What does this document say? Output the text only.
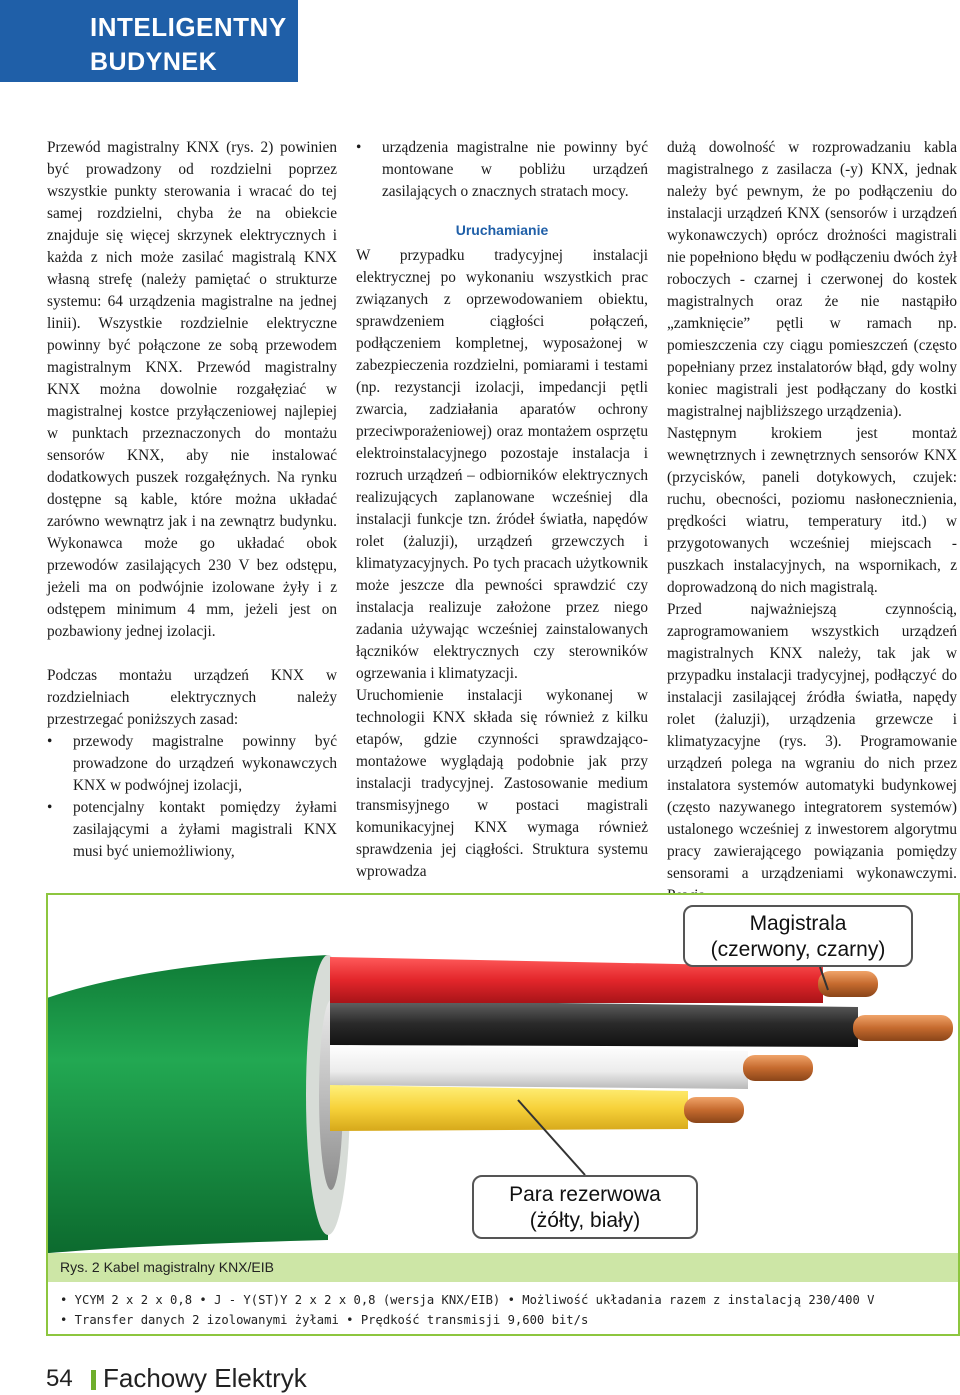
INTELIGENTNY
BUDYNEK

Przewód magistralny KNX (rys. 2) powinien być prowadzony od rozdzielni poprzez wszystkie punkty sterowania i wracać do tej samej rozdzielni, chyba że na obiekcie znajduje się więcej skrzynek elektrycznych i każda z nich może zasilać magistralą KNX własną strefę (należy pamiętać o strukturze systemu: 64 urządzenia magistralne na jednej linii). Wszystkie rozdzielnie elektryczne powinny być połączone ze sobą przewodem magistralnym KNX. Przewód magistralny KNX można dowolnie rozgałęziać w magistralnej kostce przyłączeniowej najlepiej w punktach przeznaczonych do montażu sensorów KNX, aby nie instalować dodatkowych puszek rozgałęźnych. Na rynku dostępne są kable, które można układać zarówno wewnątrz jak i na zewnątrz budynku. Wykonawca może go układać obok przewodów zasilających 230 V bez odstępu, jeżeli ma on podwójnie izolowane żyły i z odstępem minimum 4 mm, jeżeli jest on pozbawiony jednej izolacji.

Podczas montażu urządzeń KNX w rozdzielniach elektrycznych należy przestrzegać poniższych zasad:

• przewody magistralne powinny być prowadzone do urządzeń wykonawczych KNX w podwójnej izolacji,
• potencjalny kontakt pomiędzy żyłami zasilającymi a żyłami magistrali KNX musi być uniemożliwiony,
• urządzenia magistralne nie powinny być montowane w pobliżu urządzeń zasilających o znacznych stratach mocy.
Uruchamianie

W przypadku tradycyjnej instalacji elektrycznej po wykonaniu wszystkich prac związanych z oprzewodowaniem obiektu, sprawdzeniem ciągłości połączeń, podłączeniem kompletnej, wyposażonej w zabezpieczenia rozdzielni, pomiarami i testami (np. rezystancji izolacji, impedancji pętli zwarcia, zadziałania aparatów ochrony przeciwporażeniowej) oraz montażem osprzętu elektroinstalacyjnego pozostaje instalacja i rozruch urządzeń – odbiorników elektrycznych realizujących zaplanowane wcześniej dla instalacji funkcje tzn. źródeł światła, napędów rolet (żaluzji), urządzeń grzewczych i klimatyzacyjnych. Po tych pracach użytkownik może jeszcze dla pewności sprawdzić czy instalacja realizuje założone przez niego zadania używając wcześniej zainstalowanych łączników elektrycznych czy sterowników ogrzewania i klimatyzacji.

Uruchomienie instalacji wykonanej w technologii KNX składa się również z kilku etapów, gdzie czynności sprawdzająco-montażowe wyglądają podobnie jak przy instalacji tradycyjnej. Zastosowanie medium transmisyjnego w postaci magistrali komunikacyjnej KNX wymaga również sprawdzenia jej ciągłości. Struktura systemu wprowadza

dużą dowolność w rozprowadzaniu kabla magistralnego z zasilacza (-y) KNX, jednak należy być pewnym, że po podłączeniu do instalacji urządzeń KNX (sensorów i urządzeń wykonawczych) oprócz drożności magistrali nie popełniono błędu w podłączeniu dwóch żył roboczych - czarnej i czerwonej do kostek magistralnych oraz że nie nastąpiło „zamknięcie” pętli w ramach np. pomieszczenia czy ciągu pomieszczeń (często popełniany przez instalatorów błąd, gdy wolny koniec magistrali jest podłączany do kostki magistralnej najbliższego urządzenia).

Następnym krokiem jest montaż wewnętrznych i zewnętrznych sensorów KNX (przycisków, paneli dotykowych, czujek: ruchu, obecności, poziomu nasłonecznienia, prędkości wiatru, temperatury itd.) w przygotowanych wcześniej miejscach - puszkach instalacyjnych, na wspornikach, z doprowadzoną do nich magistralą.

Przed najważniejszą czynnością, zaprogramowaniem wszystkich urządzeń magistralnych KNX należy, tak jak w przypadku instalacji tradycyjnej, podłączyć do instalacji zasilającej źródła światła, napędy rolet (żaluzji), urządzenia grzewcze i klimatyzacyjne (rys. 3). Programowanie urządzeń polega na wgraniu do nich przez instalatora systemów automatyki budynkowej (często nazywanego integratorem systemów) ustalonego wcześniej z inwestorem algorytmu pracy zawierającego powiązania pomiędzy sensorami a urządzeniami wykonawczymi.

Magistrala
(czerwony, czarny)
Para rezerwowa
(żółty, biały)
Rys. 2 Kabel magistralny KNX/EIB
• YCYM 2 x 2 x 0,8 • J - Y(ST)Y 2 x 2 x 0,8 (wersja KNX/EIB) • Możliwość układania razem z instalacją 230/400 V
• Transfer danych 2 izolowanymi żyłami • Prędkość transmisji 9,600 bit/s
54 Fachowy Elektryk
